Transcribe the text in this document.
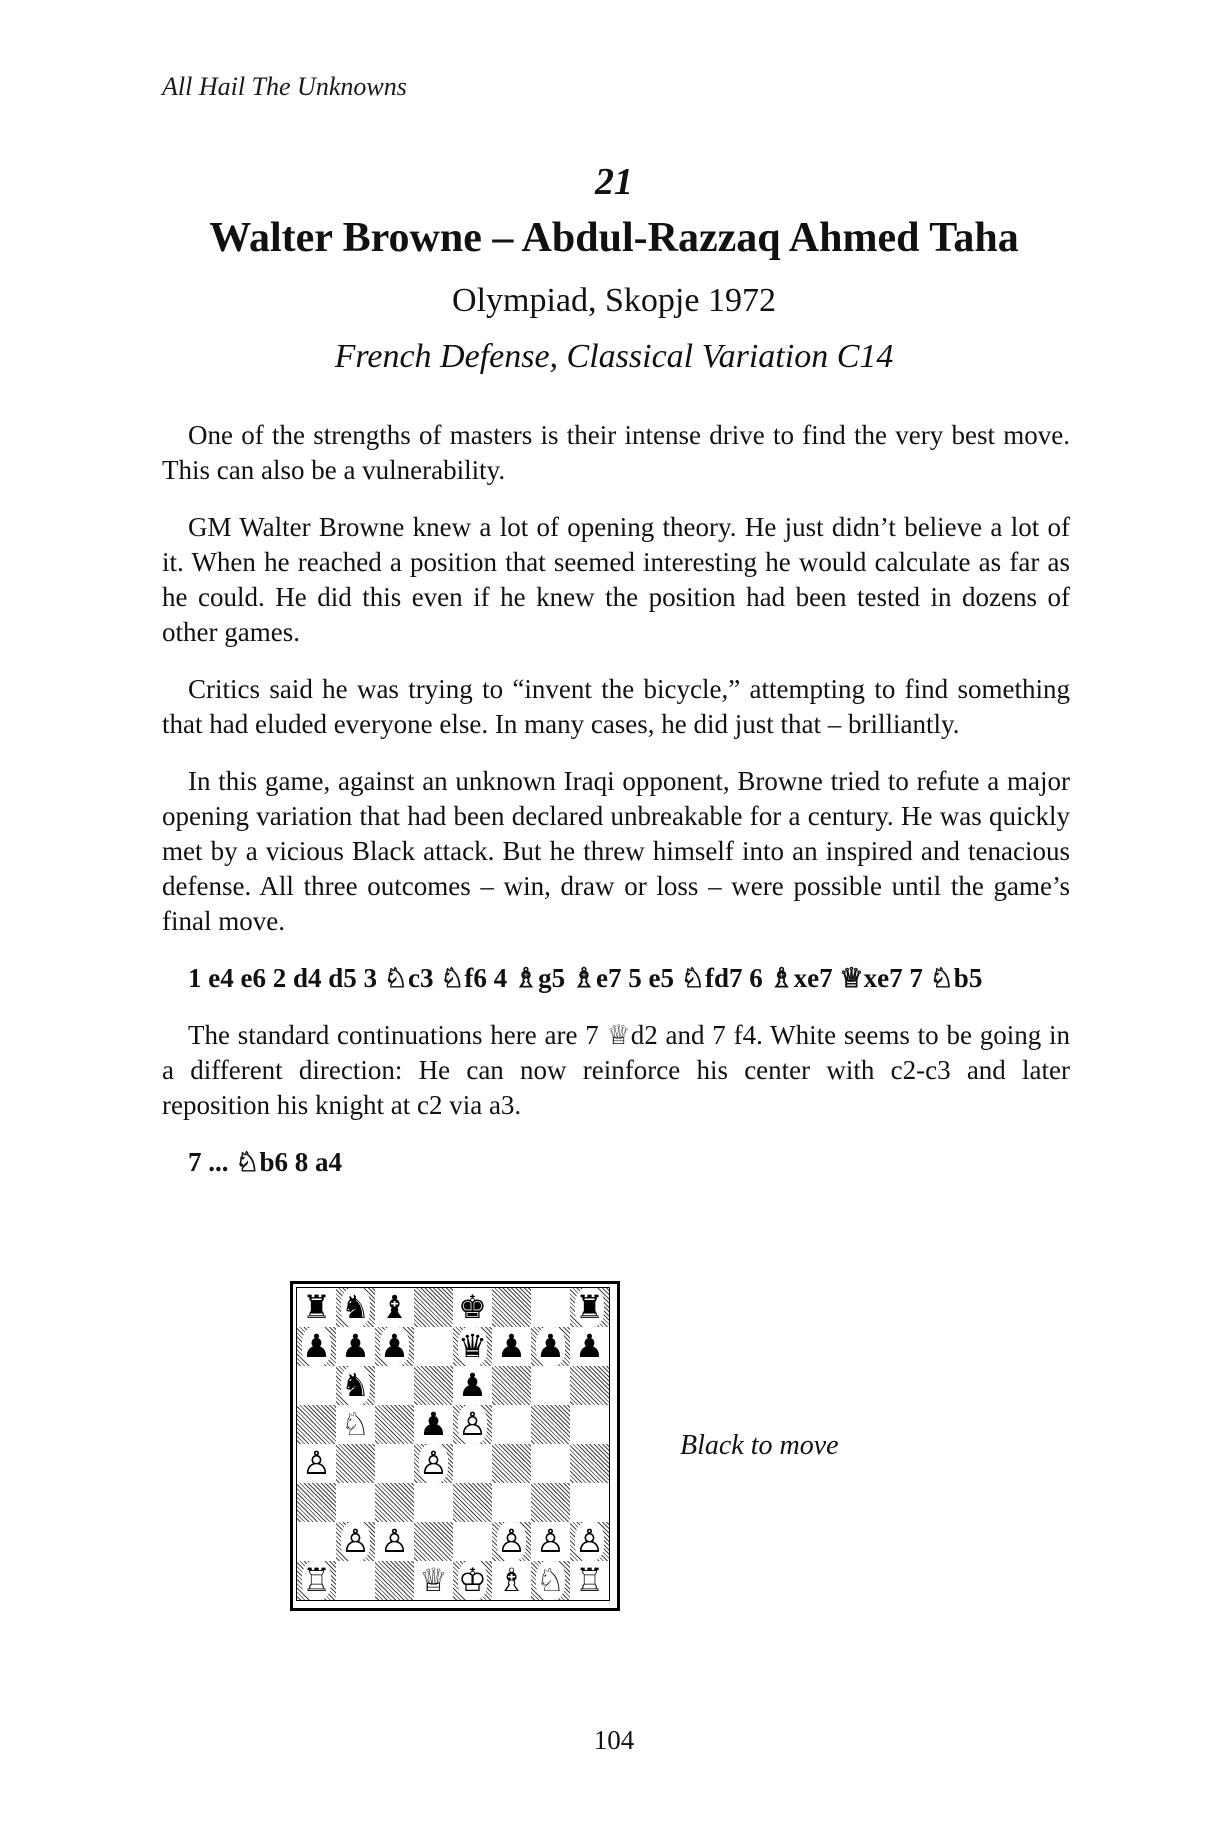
All Hail The Unknowns
21
Walter Browne – Abdul-Razzaq Ahmed Taha
Olympiad, Skopje 1972
French Defense, Classical Variation C14

One of the strengths of masters is their intense drive to find the very best move. This can also be a vulnerability.

GM Walter Browne knew a lot of opening theory. He just didn’t believe a lot of it. When he reached a position that seemed interesting he would calculate as far as he could. He did this even if he knew the position had been tested in dozens of other games.

Critics said he was trying to “invent the bicycle,” attempting to find something that had eluded everyone else. In many cases, he did just that – brilliantly.

In this game, against an unknown Iraqi opponent, Browne tried to refute a major opening variation that had been declared unbreakable for a century. He was quickly met by a vicious Black attack. But he threw himself into an inspired and tenacious defense. All three outcomes – win, draw or loss – were possible until the game’s final move.

1 e4 e6 2 d4 d5 3 ♘c3 ♘f6 4 ♗g5 ♗e7 5 e5 ♘fd7 6 ♗xe7 ♕xe7 7 ♘b5

The standard continuations here are 7 ♕d2 and 7 f4. White seems to be going in a different direction: He can now reinforce his center with c2-c3 and later reposition his knight at c2 via a3.

7 ... ♘b6 8 a4

♜ ♞ ♝ ♚	♜
♟ ♟ ♟ ♛ ♟ ♟ ♟
♞	♟
♘ ♟ ♙
♙	♙
♙ ♙	♙ ♙ ♙
♖	♕ ♔ ♗ ♘ ♖
Black to move
104
